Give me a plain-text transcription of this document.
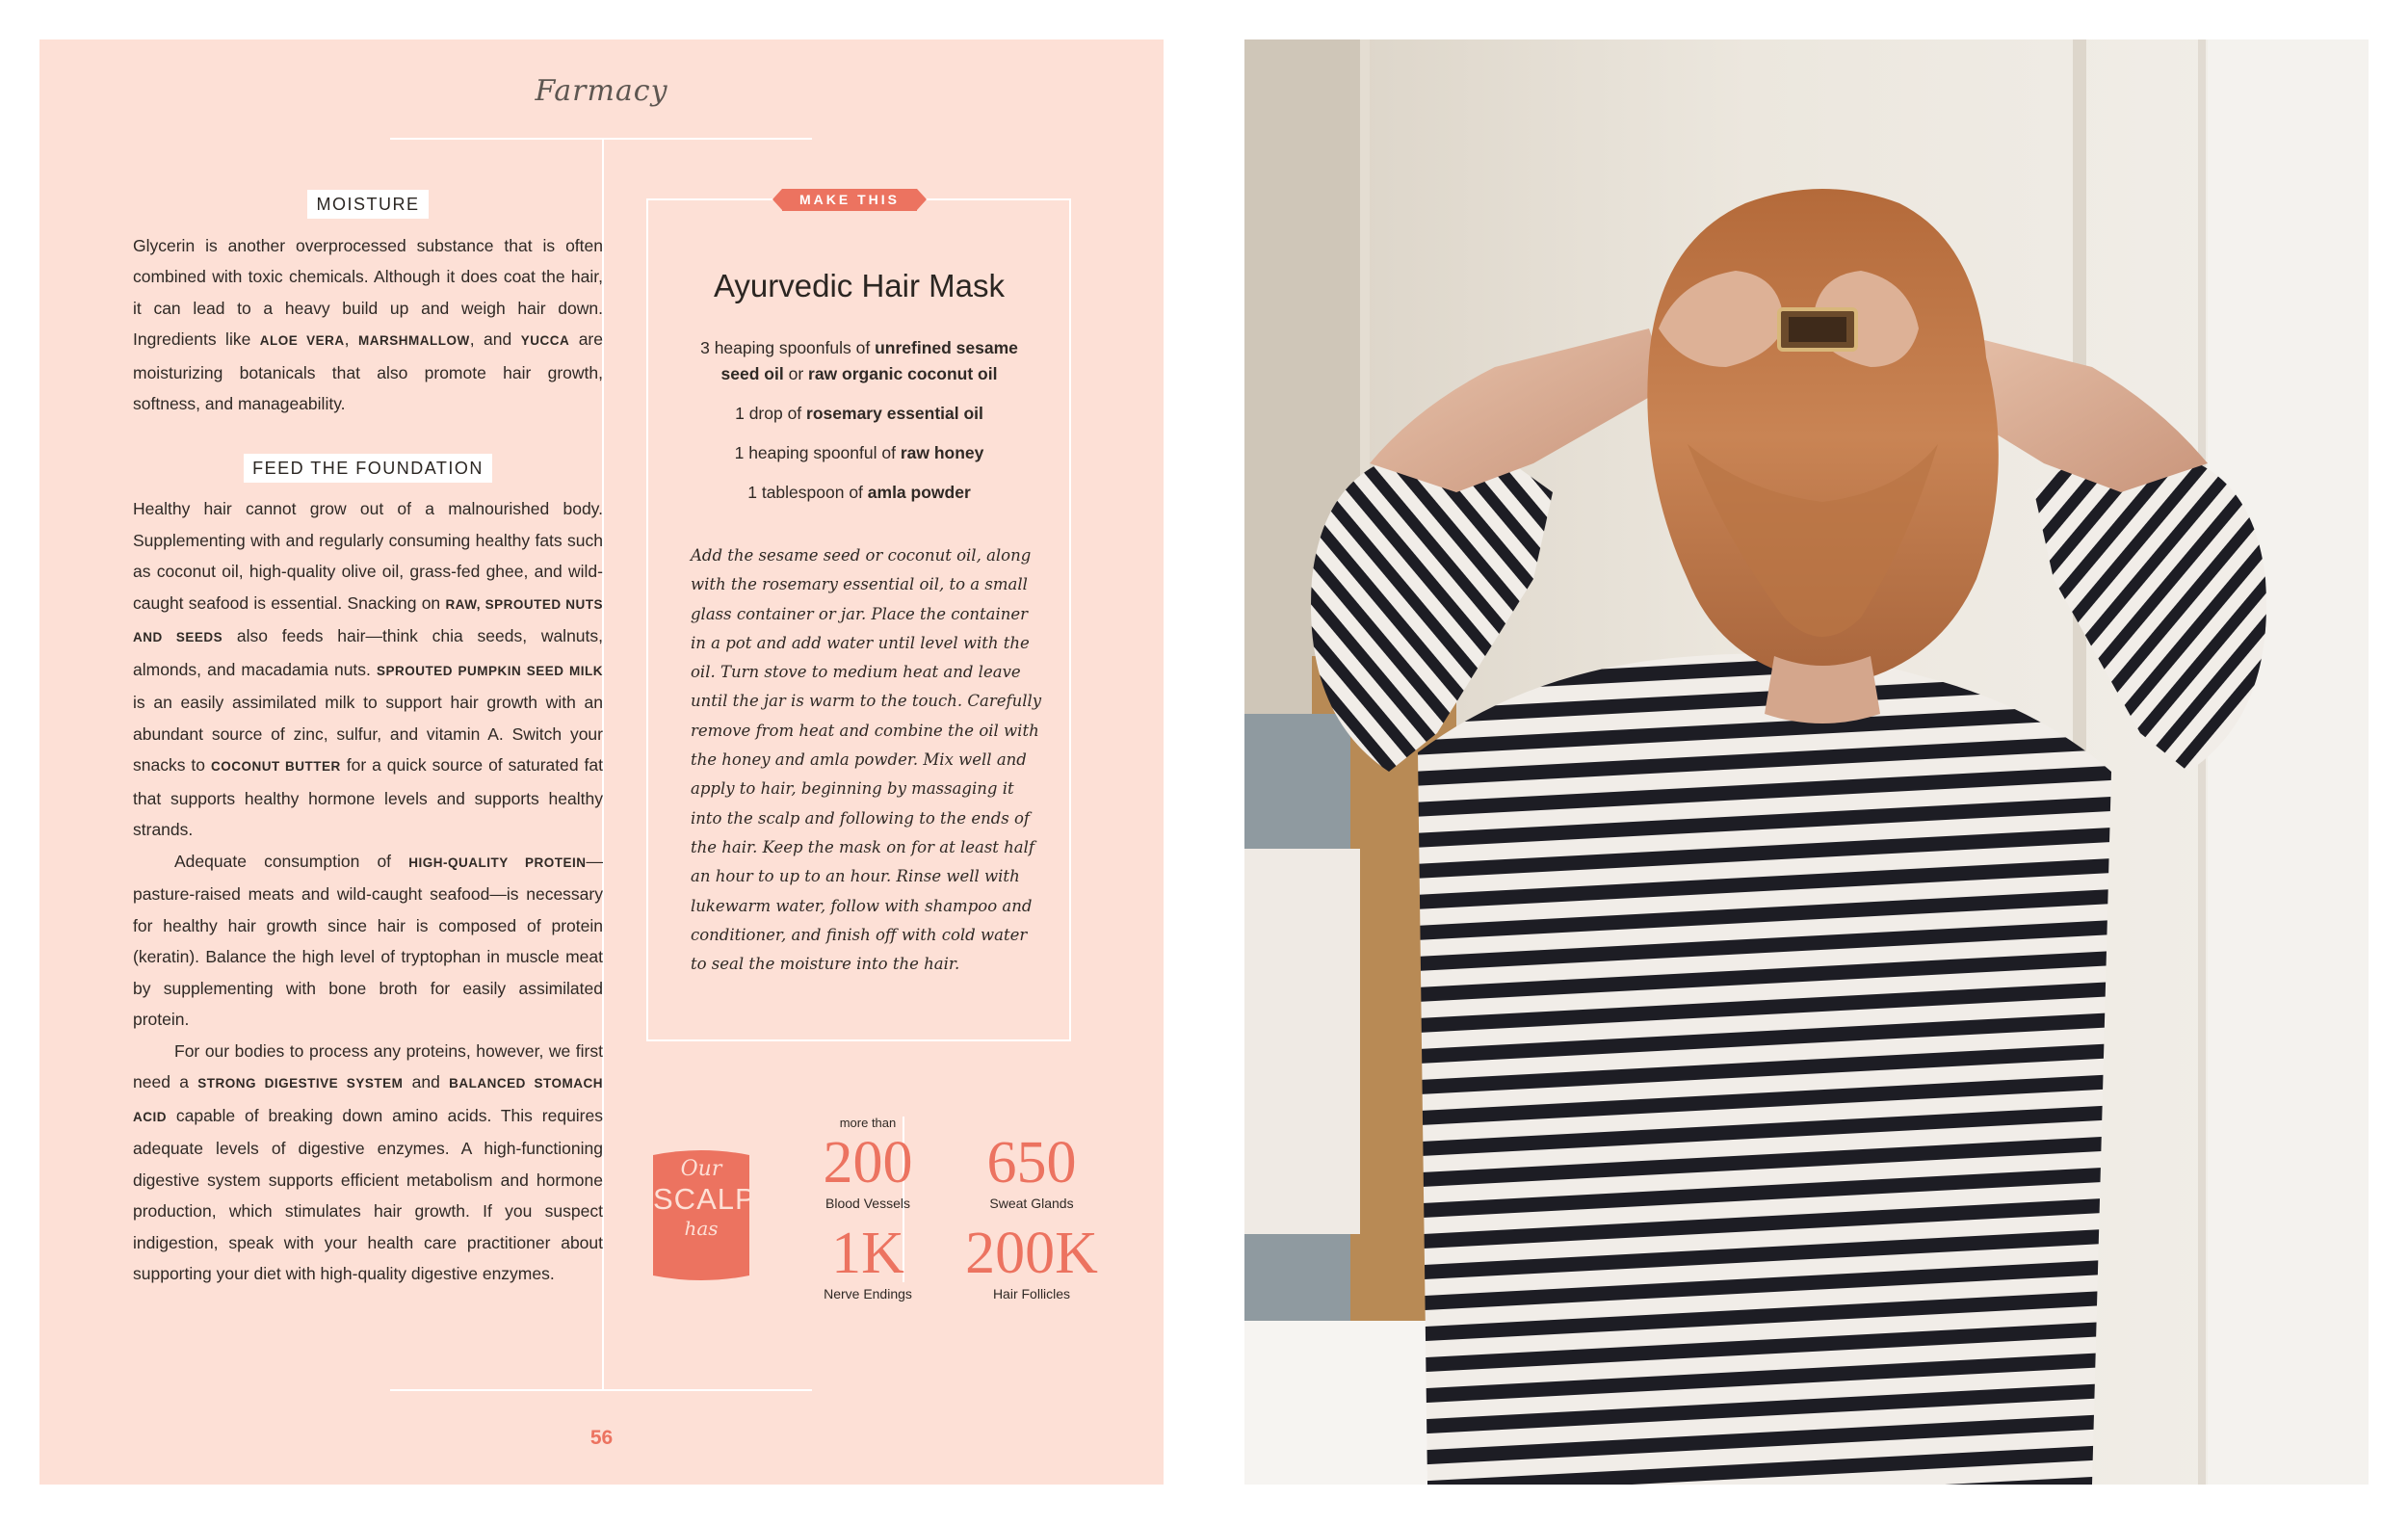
Farmacy
MOISTURE

Glycerin is another overprocessed substance that is often combined with toxic chemicals. Although it does coat the hair, it can lead to a heavy build up and weigh hair down. Ingredients like ALOE VERA, MARSHMALLOW, and YUCCA are moisturizing botanicals that also promote hair growth, softness, and manageability.

FEED THE FOUNDATION

Healthy hair cannot grow out of a malnourished body. Supplementing with and regularly consuming healthy fats such as coconut oil, high-quality olive oil, grass-fed ghee, and wild-caught seafood is essential. Snacking on RAW, SPROUTED NUTS AND SEEDS also feeds hair—think chia seeds, walnuts, almonds, and macadamia nuts. SPROUTED PUMPKIN SEED MILK is an easily assimilated milk to support hair growth with an abundant source of zinc, sulfur, and vitamin A. Switch your snacks to COCONUT BUTTER for a quick source of saturated fat that supports healthy hormone levels and supports healthy strands.

Adequate consumption of HIGH-QUALITY PROTEIN—pasture-raised meats and wild-caught seafood—is necessary for healthy hair growth since hair is composed of protein (keratin). Balance the high level of tryptophan in muscle meat by supplementing with bone broth for easily assimilated protein.

For our bodies to process any proteins, however, we first need a STRONG DIGESTIVE SYSTEM and BALANCED STOMACH ACID capable of breaking down amino acids. This requires adequate levels of digestive enzymes. A high-functioning digestive system supports efficient metabolism and hormone production, which stimulates hair growth. If you suspect indigestion, speak with your health care practitioner about supporting your diet with high-quality digestive enzymes.

MAKE THIS
Ayurvedic Hair Mask
3 heaping spoonfuls of unrefined sesame seed oil or raw organic coconut oil
1 drop of rosemary essential oil
1 heaping spoonful of raw honey
1 tablespoon of amla powder
Add the sesame seed or coconut oil, along with the rosemary essential oil, to a small glass container or jar. Place the container in a pot and add water until level with the oil. Turn stove to medium heat and leave until the jar is warm to the touch. Carefully remove from heat and combine the oil with the honey and amla powder. Mix well and apply to hair, beginning by massaging it into the scalp and following to the ends of the hair. Keep the mask on for at least half an hour to up to an hour. Rinse well with lukewarm water, follow with shampoo and conditioner, and finish off with cold water to seal the moisture into the hair.
Our
SCALP
has
more than
200
Blood Vessels
650
Sweat Glands
1K
Nerve Endings
200K
Hair Follicles
56
